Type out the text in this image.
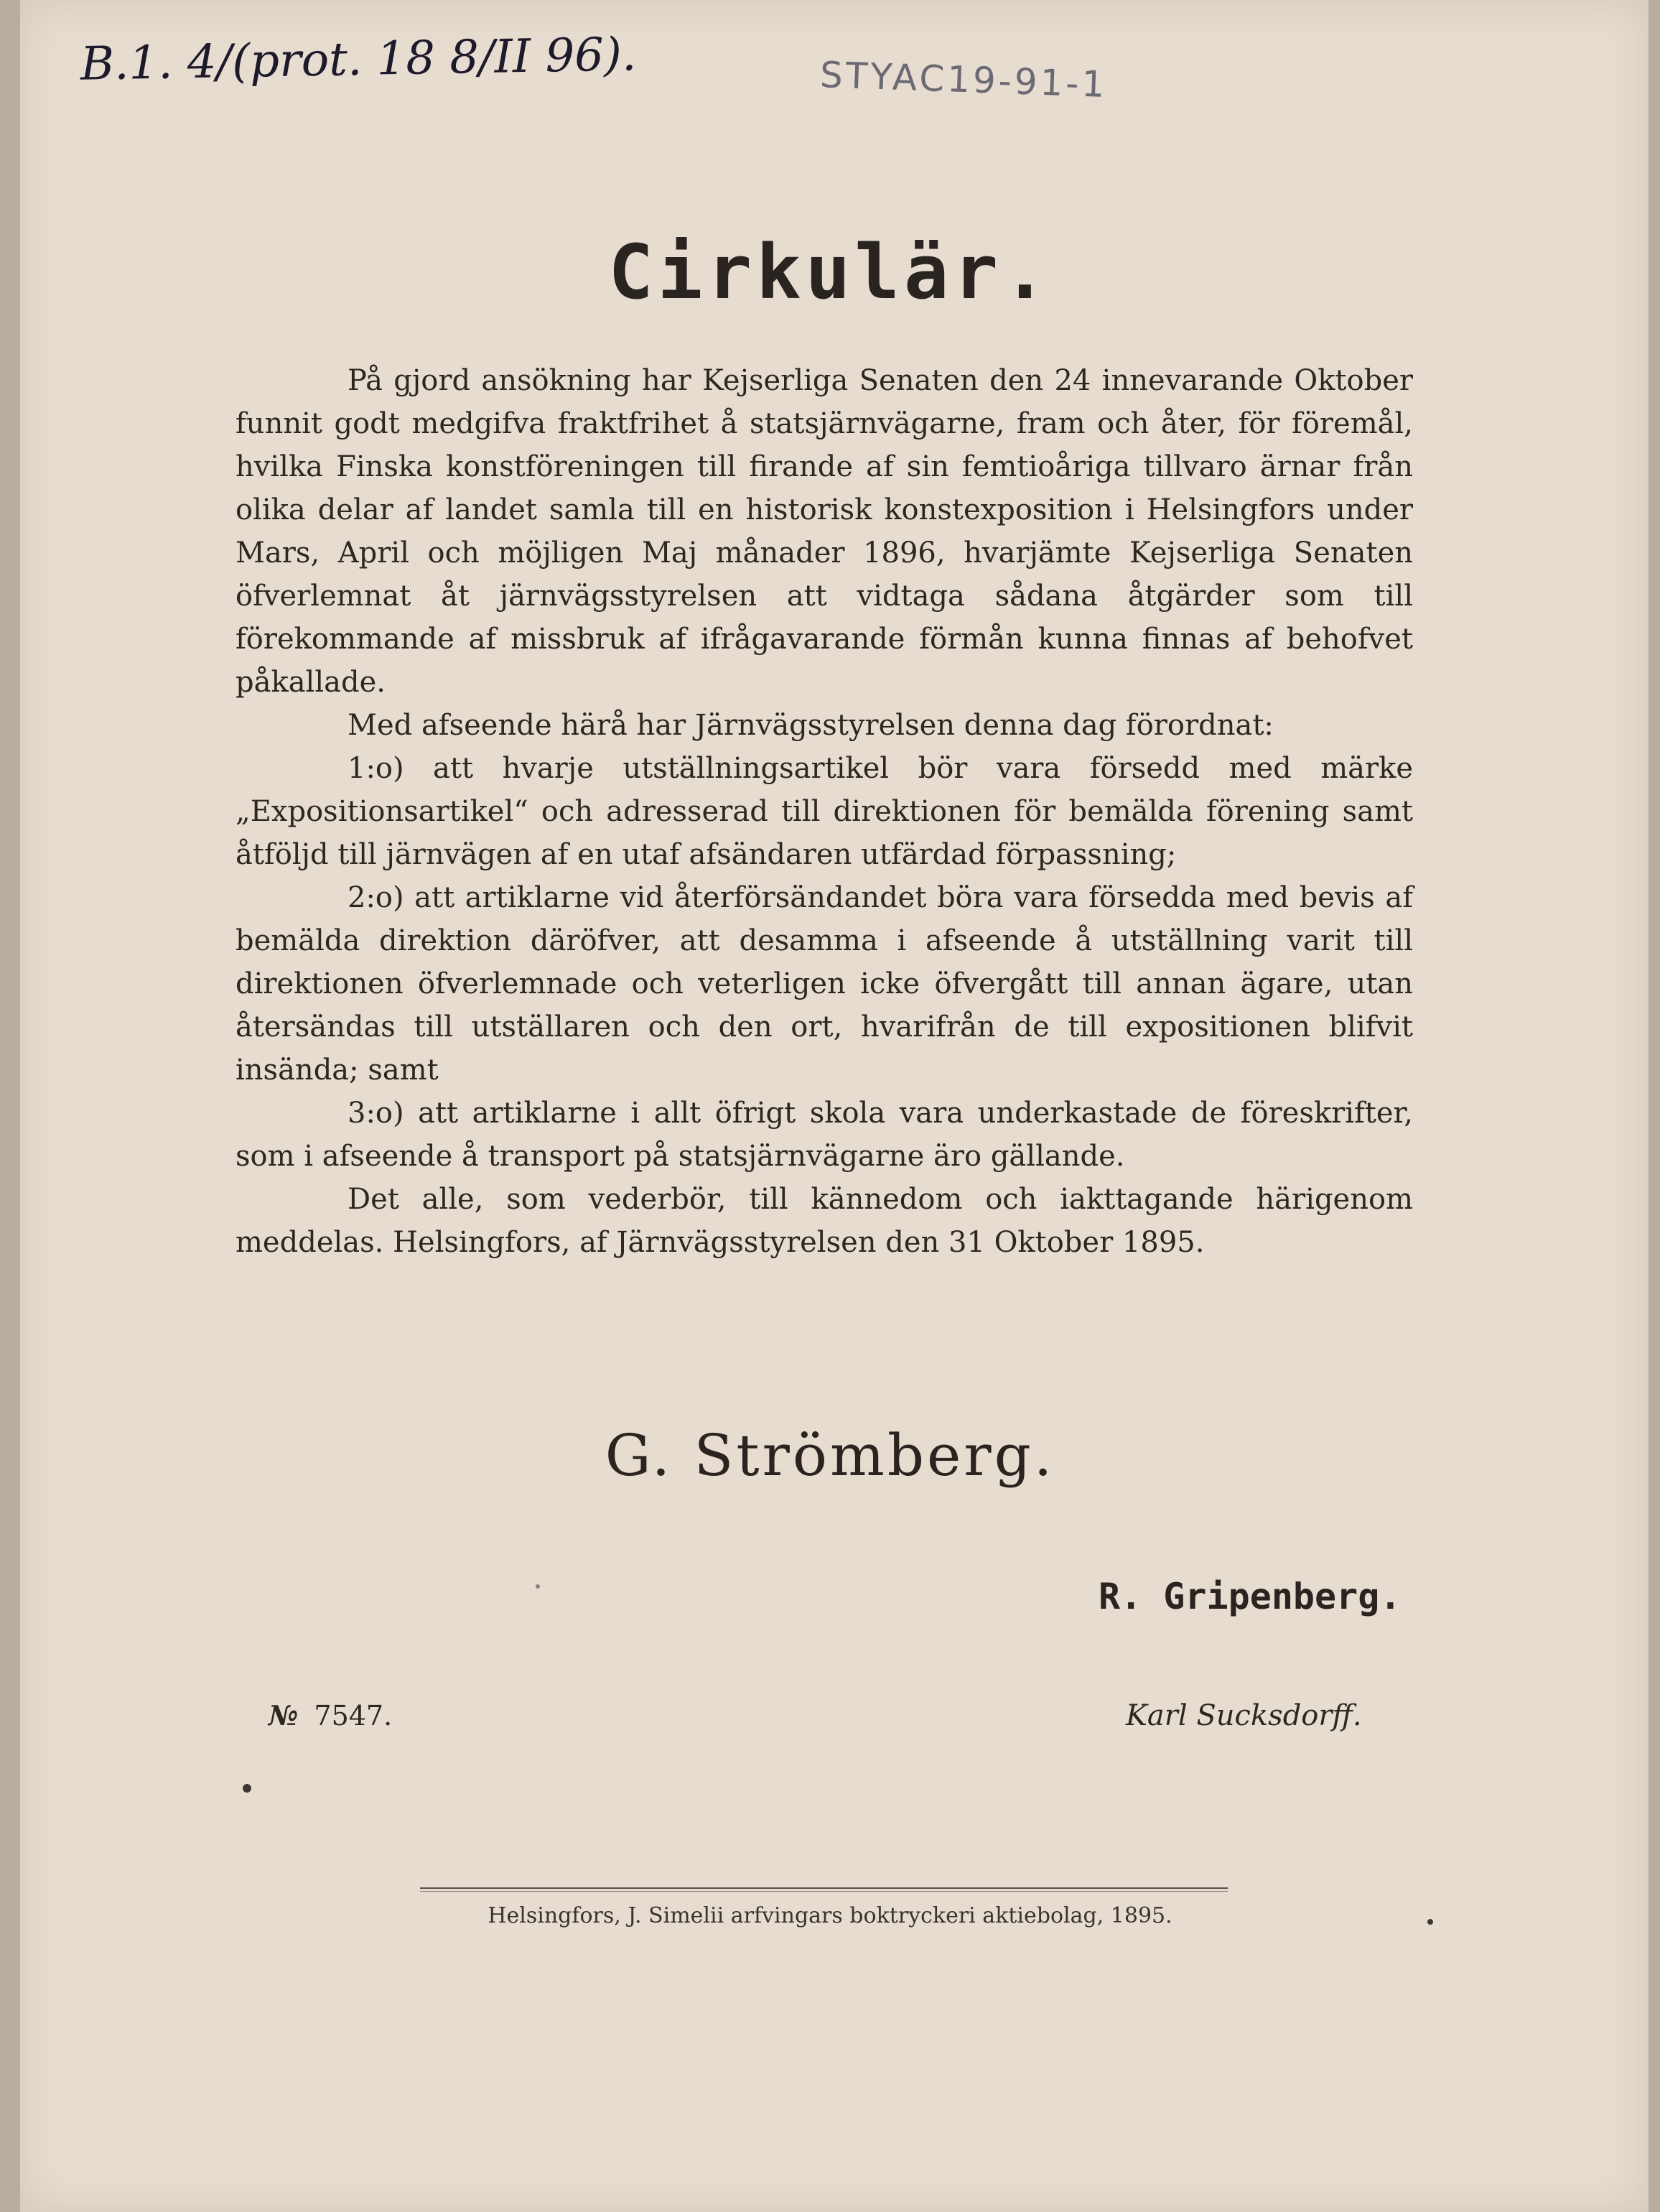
B.1. 4/(prot. 18 8/II 96).	STYAC19-91-1
Cirkulär.

På gjord ansökning har Kejserliga Senaten den 24 innevarande Oktober funnit godt medgifva fraktfrihet å statsjärnvägarne, fram och åter, för föremål, hvilka Finska konstföreningen till firande af sin femtioåriga tillvaro ärnar från olika delar af landet samla till en historisk konstexposition i Helsingfors under Mars, April och möjligen Maj månader 1896, hvarjämte Kejserliga Senaten öfverlemnat åt järnvägsstyrelsen att vidtaga sådana åtgärder som till förekommande af missbruk af ifrågavarande förmån kunna finnas af behofvet påkallade.

Med afseende härå har Järnvägsstyrelsen denna dag förordnat:

1:o) att hvarje utställningsartikel bör vara försedd med märke „Expositionsartikel“ och adresserad till direktionen för bemälda förening samt åtföljd till järnvägen af en utaf afsändaren utfärdad förpassning;

2:o) att artiklarne vid återförsändandet böra vara försedda med bevis af bemälda direktion däröfver, att desamma i afseende å utställning varit till direktionen öfverlemnade och veterligen icke öfvergått till annan ägare, utan återsändas till utställaren och den ort, hvarifrån de till expositionen blifvit insända; samt

3:o) att artiklarne i allt öfrigt skola vara underkastade de föreskrifter, som i afseende å transport på statsjärnvägarne äro gällande.

Det alle, som vederbör, till kännedom och iakttagande härigenom meddelas. Helsingfors, af Järnvägsstyrelsen den 31 Oktober 1895.

G. Strömberg.
R. Gripenberg.
№ 7547.	Karl Sucksdorff.
Helsingfors, J. Simelii arfvingars boktryckeri aktiebolag, 1895.
